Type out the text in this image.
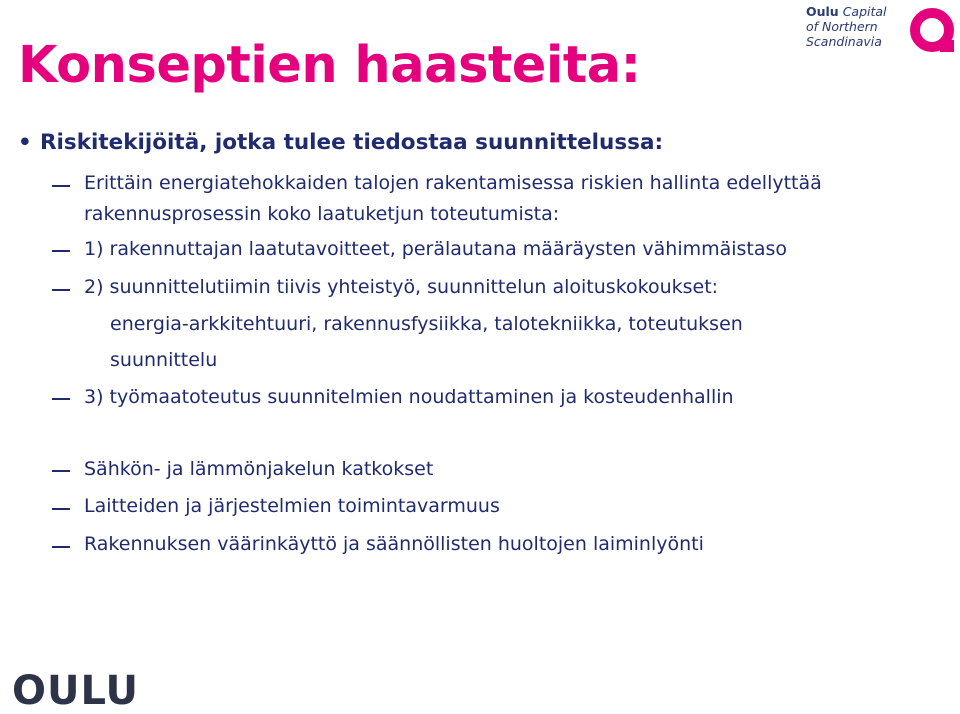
Konseptien haasteita:
Oulu Capital
of Northern
Scandinavia
• Riskitekijöitä, jotka tulee tiedostaa suunnittelussa:
Erittäin energiatehokkaiden talojen rakentamisessa riskien hallinta edellyttää
rakennusprosessin koko laatuketjun toteutumista:
1) rakennuttajan laatutavoitteet, perälautana määräysten vähimmäistaso
2) suunnittelutiimin tiivis yhteistyö, suunnittelun aloituskokoukset:
energia-arkkitehtuuri, rakennusfysiikka, talotekniikka, toteutuksen
suunnittelu
3) työmaatoteutus suunnitelmien noudattaminen ja kosteudenhallin
Sähkön- ja lämmönjakelun katkokset
Laitteiden ja järjestelmien toimintavarmuus
Rakennuksen väärinkäyttö ja säännöllisten huoltojen laiminlyönti
OULU
